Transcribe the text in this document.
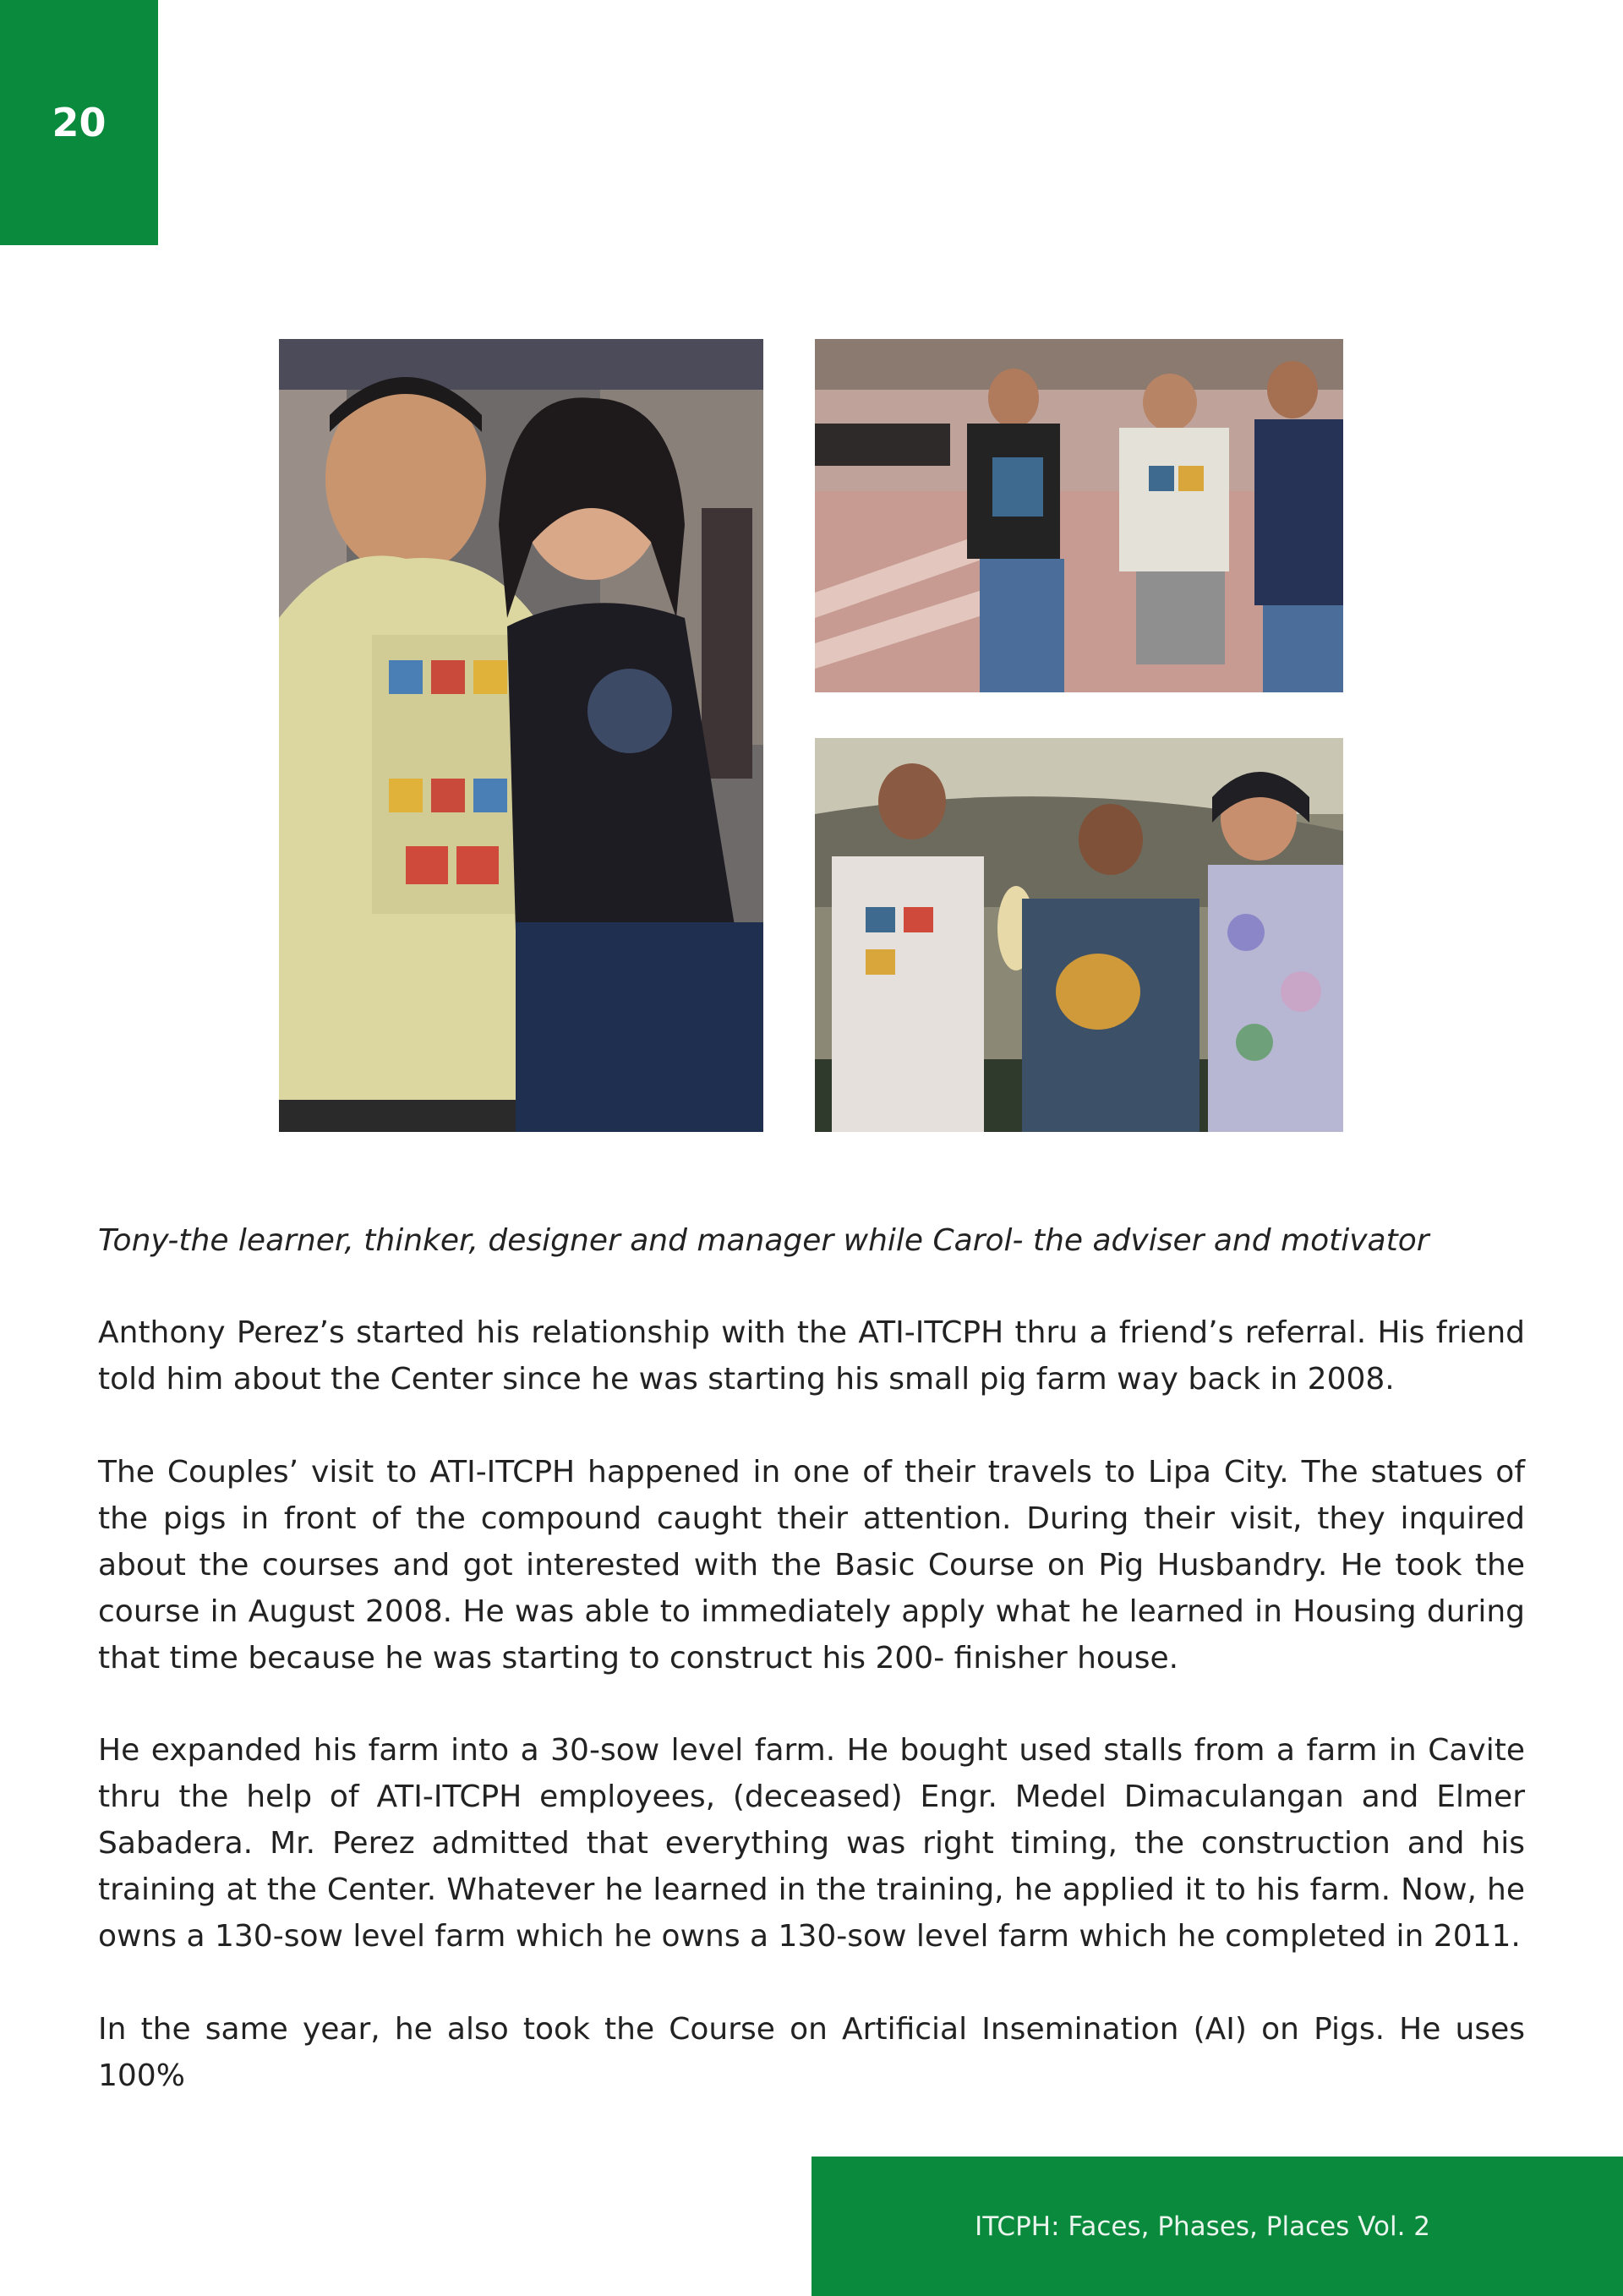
20

Tony-the learner, thinker, designer and manager while Carol- the adviser and motivator

Anthony Perez’s started his relationship with the ATI-ITCPH thru a friend’s referral. His friend told him about the Center since he was starting his small pig farm way back in 2008.

The Couples’ visit to ATI-ITCPH happened in one of their travels to Lipa City. The statues of the pigs in front of the compound caught their attention. During their visit, they inquired about the courses and got interested with the Basic Course on Pig Husbandry. He took the course in August 2008. He was able to immediately apply what he learned in Housing during that time because he was starting to construct his 200- finisher house.

He expanded his farm into a 30-sow level farm. He bought used stalls from a farm in Cavite thru the help of ATI-ITCPH employees, (deceased) Engr. Medel Dimaculangan and Elmer Sabadera. Mr. Perez admitted that everything was right timing, the construction and his training at the Center. Whatever he learned in the training, he applied it to his farm. Now, he owns a 130-sow level farm which he owns a 130-sow level farm which he completed in 2011.

In the same year, he also took the Course on Artificial Insemination (AI) on Pigs. He uses 100%

ITCPH: Faces, Phases, Places Vol. 2
